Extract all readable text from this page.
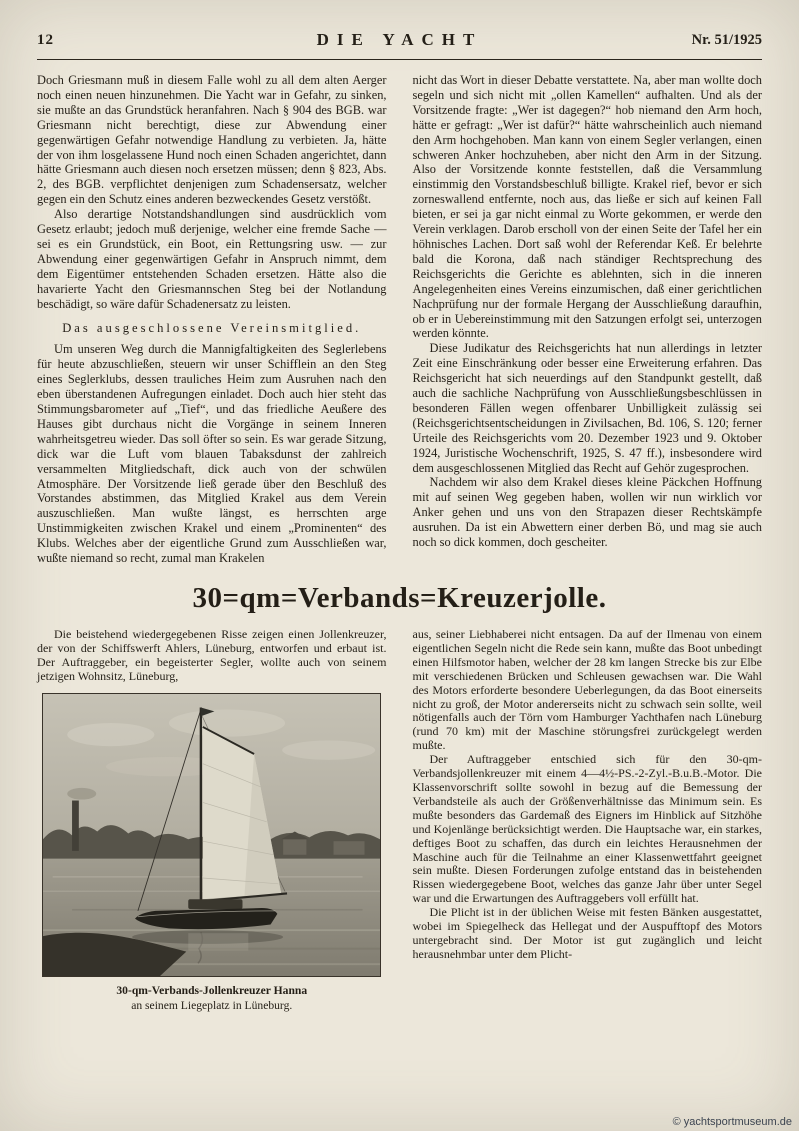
12	DIE YACHT	Nr. 51/1925

Doch Griesmann muß in diesem Falle wohl zu all dem alten Aerger noch einen neuen hinzunehmen. Die Yacht war in Gefahr, zu sinken, sie mußte an das Grundstück heranfahren. Nach § 904 des BGB. war Griesmann nicht berechtigt, diese zur Abwendung einer gegenwärtigen Gefahr notwendige Handlung zu verbieten. Ja, hätte der von ihm losgelassene Hund noch einen Schaden angerichtet, dann hätte Griesmann auch diesen noch ersetzen müssen; denn § 823, Abs. 2, des BGB. verpflichtet denjenigen zum Schadensersatz, welcher gegen ein den Schutz eines anderen bezweckendes Gesetz verstößt.

Also derartige Notstandshandlungen sind ausdrücklich vom Gesetz erlaubt; jedoch muß derjenige, welcher eine fremde Sache — sei es ein Grundstück, ein Boot, ein Rettungsring usw. — zur Abwendung einer gegenwärtigen Gefahr in Anspruch nimmt, dem dem Eigentümer entstehenden Schaden ersetzen. Hätte also die havarierte Yacht den Griesmannschen Steg bei der Notlandung beschädigt, so wäre dafür Schadenersatz zu leisten.

Das ausgeschlossene Vereinsmitglied.

Um unseren Weg durch die Mannigfaltigkeiten des Seglerlebens für heute abzuschließen, steuern wir unser Schifflein an den Steg eines Seglerklubs, dessen trauliches Heim zum Ausruhen nach den eben überstandenen Aufregungen einladet. Doch auch hier steht das Stimmungsbarometer auf „Tief“, und das friedliche Aeußere des Hauses gibt durchaus nicht die Vorgänge in seinem Inneren wahrheitsgetreu wieder. Das soll öfter so sein. Es war gerade Sitzung, dick war die Luft vom blauen Tabaksdunst der zahlreich versammelten Mitgliedschaft, dick auch von der schwülen Atmosphäre. Der Vorsitzende ließ gerade über den Beschluß des Vorstandes abstimmen, das Mitglied Krakel aus dem Verein auszuschließen. Man wußte längst, es herrschten arge Unstimmigkeiten zwischen Krakel und einem „Prominenten“ des Klubs. Welches aber der eigentliche Grund zum Ausschließen war, wußte niemand so recht, zumal man Krakelen

nicht das Wort in dieser Debatte verstattete. Na, aber man wollte doch segeln und sich nicht mit „ollen Kamellen“ aufhalten. Und als der Vorsitzende fragte: „Wer ist dagegen?“ hob niemand den Arm hoch, hätte er gefragt: „Wer ist dafür?“ hätte wahrscheinlich auch niemand den Arm hochgehoben. Man kann von einem Segler verlangen, einen schweren Anker hochzuheben, aber nicht den Arm in der Sitzung. Also der Vorsitzende konnte feststellen, daß die Versammlung einstimmig den Vorstandsbeschluß billigte. Krakel rief, bevor er sich zorneswallend entfernte, noch aus, das ließe er sich auf keinen Fall bieten, er sei ja gar nicht einmal zu Worte gekommen, er werde den Verein verklagen. Darob erscholl von der einen Seite der Tafel her ein höhnisches Lachen. Dort saß wohl der Referendar Keß. Er belehrte bald die Korona, daß nach ständiger Rechtsprechung des Reichsgerichts die Gerichte es ablehnten, sich in die inneren Angelegenheiten eines Vereins einzumischen, daß einer gerichtlichen Nachprüfung nur der formale Hergang der Ausschließung daraufhin, ob er in Uebereinstimmung mit den Satzungen erfolgt sei, unterzogen werden könnte.

Diese Judikatur des Reichsgerichts hat nun allerdings in letzter Zeit eine Einschränkung oder besser eine Erweiterung erfahren. Das Reichsgericht hat sich neuerdings auf den Standpunkt gestellt, daß auch die sachliche Nachprüfung von Ausschließungsbeschlüssen in besonderen Fällen wegen offenbarer Unbilligkeit zulässig sei (Reichsgerichtsentscheidungen in Zivilsachen, Bd. 106, S. 120; ferner Urteile des Reichsgerichts vom 20. Dezember 1923 und 9. Oktober 1924, Juristische Wochenschrift, 1925, S. 47 ff.), insbesondere wird dem ausgeschlossenen Mitglied das Recht auf Gehör zugesprochen.

Nachdem wir also dem Krakel dieses kleine Päckchen Hoffnung mit auf seinen Weg gegeben haben, wollen wir nun wirklich vor Anker gehen und uns von den Strapazen dieser Rechtskämpfe ausruhen. Da ist ein Abwettern einer derben Bö, und mag sie auch noch so dick kommen, doch gescheiter.

30=qm=Verbands=Kreuzerjolle.

Die beistehend wiedergegebenen Risse zeigen einen Jollenkreuzer, der von der Schiffswerft Ahlers, Lüneburg, entworfen und erbaut ist. Der Auftraggeber, ein begeisterter Segler, wollte auch von seinem jetzigen Wohnsitz, Lüneburg,

30-qm-Verbands-Jollenkreuzer Hanna
an seinem Liegeplatz in Lüneburg.

aus, seiner Liebhaberei nicht entsagen. Da auf der Ilmenau von einem eigentlichen Segeln nicht die Rede sein kann, mußte das Boot unbedingt einen Hilfsmotor haben, welcher der 28 km langen Strecke bis zur Elbe mit verschiedenen Brücken und Schleusen gewachsen war. Die Wahl des Motors erforderte besondere Ueberlegungen, da das Boot einerseits nicht zu groß, der Motor andererseits nicht zu schwach sein sollte, weil nötigenfalls auch der Törn vom Hamburger Yachthafen nach Lüneburg (rund 70 km) mit der Maschine störungsfrei zurückgelegt werden mußte.

Der Auftraggeber entschied sich für den 30-qm-Verbandsjollenkreuzer mit einem 4—4½-PS.-2-Zyl.-B.u.B.-Motor. Die Klassenvorschrift sollte sowohl in bezug auf die Bemessung der Verbandsteile als auch der Größenverhältnisse das Minimum sein. Es mußte besonders das Gardemaß des Eigners im Hinblick auf Sitzhöhe und Kojenlänge berücksichtigt werden. Die Hauptsache war, ein starkes, deftiges Boot zu schaffen, das durch ein leichtes Herausnehmen der Maschine auch für die Teilnahme an einer Klassenwettfahrt geeignet sein mußte. Diesen Forderungen zufolge entstand das in beistehenden Rissen wiedergegebene Boot, welches das ganze Jahr über unter Segel war und die Erwartungen des Auftraggebers voll erfüllt hat.

Die Plicht ist in der üblichen Weise mit festen Bänken ausgestattet, wobei im Spiegelheck das Hellegat und der Auspufftopf des Motors untergebracht sind. Der Motor ist gut zugänglich und leicht herausnehmbar unter dem Plicht-

© yachtsportmuseum.de
